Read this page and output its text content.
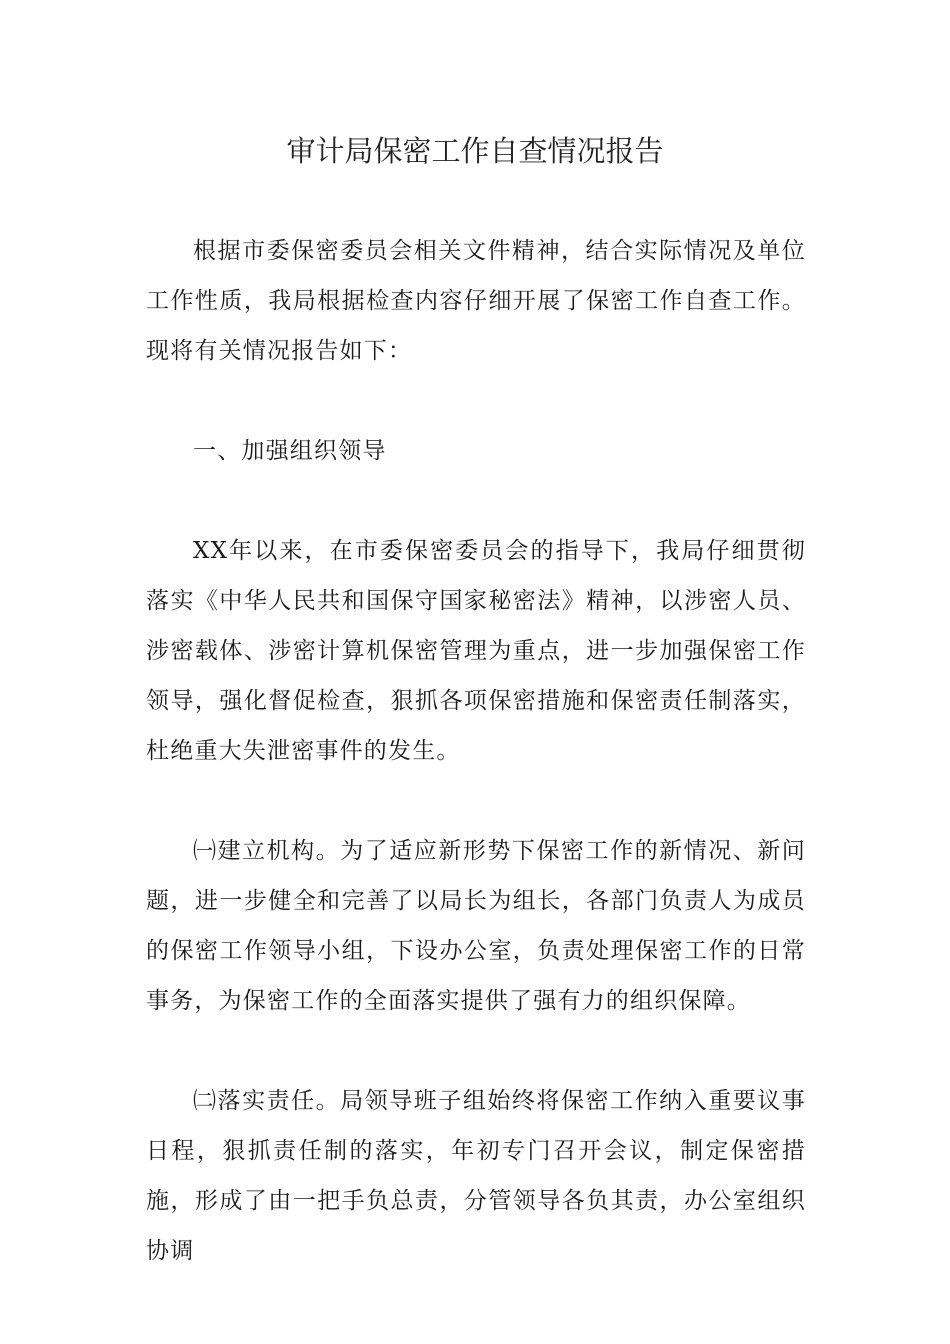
审计局保密工作自查情况报告

根据市委保密委员会相关文件精神，结合实际情况及单位工作性质，我局根据检查内容仔细开展了保密工作自查工作。现将有关情况报告如下：

一、加强组织领导

XX年以来，在市委保密委员会的指导下，我局仔细贯彻落实《中华人民共和国保守国家秘密法》精神，以涉密人员、涉密载体、涉密计算机保密管理为重点，进一步加强保密工作领导，强化督促检查，狠抓各项保密措施和保密责任制落实，杜绝重大失泄密事件的发生。

㈠建立机构。为了适应新形势下保密工作的新情况、新问题，进一步健全和完善了以局长为组长，各部门负责人为成员的保密工作领导小组，下设办公室，负责处理保密工作的日常事务，为保密工作的全面落实提供了强有力的组织保障。

㈡落实责任。局领导班子组始终将保密工作纳入重要议事日程，狠抓责任制的落实，年初专门召开会议，制定保密措施，形成了由一把手负总责，分管领导各负其责，办公室组织协调
